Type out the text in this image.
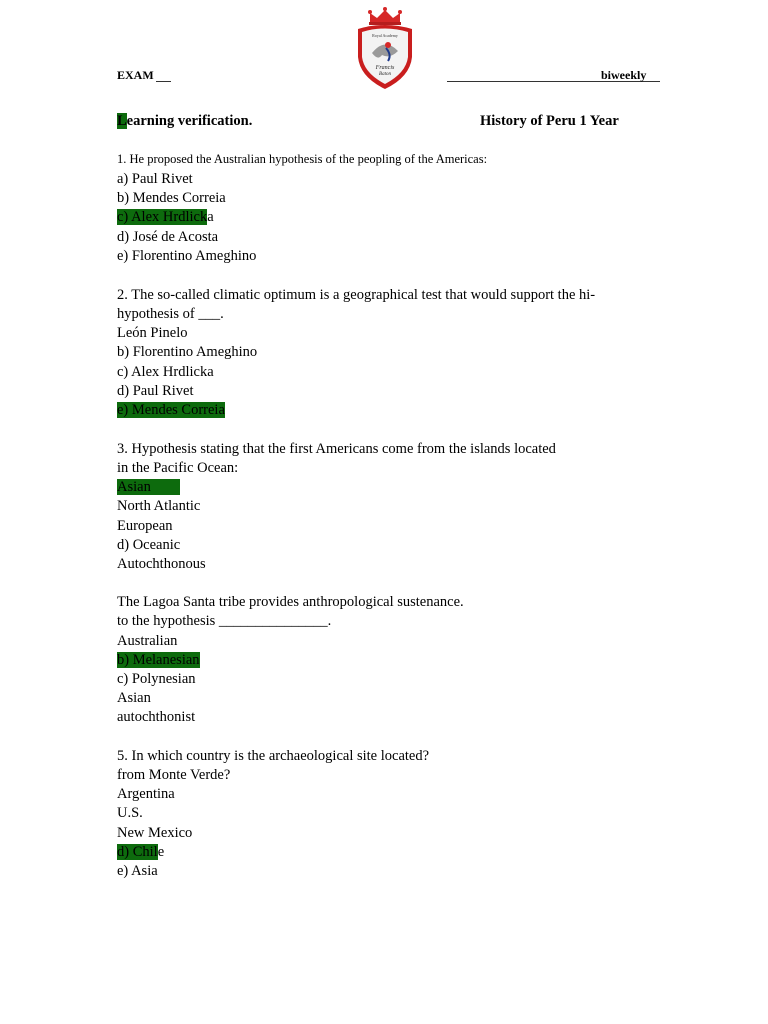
EXAM	biweekly
Royal Academy
Francis
Baton
Learning verification.	History of Peru 1 Year
1. He proposed the Australian hypothesis of the peopling of the Americas:
a) Paul Rivet
b) Mendes Correia
c) Alex Hrdlicka
d) José de Acosta
e) Florentino Ameghino
2. The so-called climatic optimum is a geographical test that would support the hi-
hypothesis of ___.
León Pinelo
b) Florentino Ameghino
c) Alex Hrdlicka
d) Paul Rivet
e) Mendes Correia
3. Hypothesis stating that the first Americans come from the islands located
in the Pacific Ocean:
Asian
North Atlantic
European
d) Oceanic
Autochthonous
The Lagoa Santa tribe provides anthropological sustenance.
to the hypothesis _______________.
Australian
b) Melanesian
c) Polynesian
Asian
autochthonist
5. In which country is the archaeological site located?
from Monte Verde?
Argentina
U.S.
New Mexico
d) Chile
e) Asia
